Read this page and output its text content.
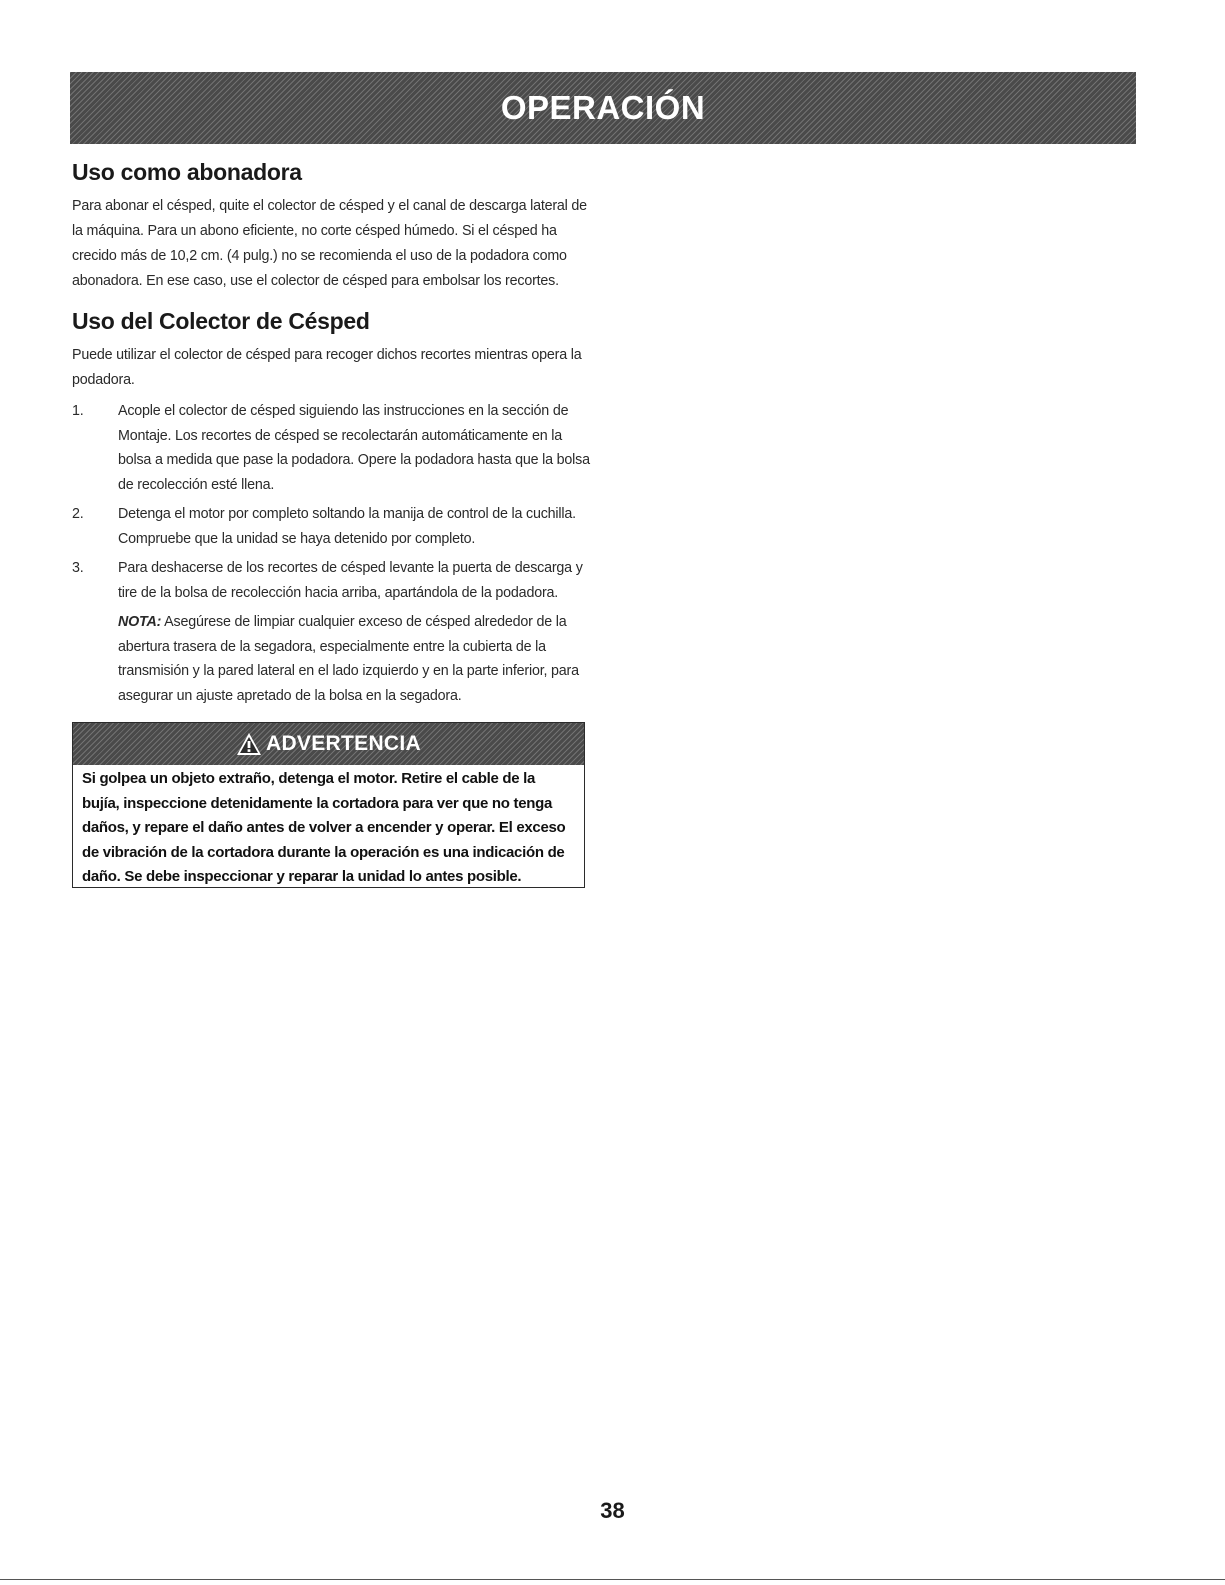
OPERACIÓN
Uso como abonadora

Para abonar el césped, quite el colector de césped y el canal de descarga lateral de la máquina. Para un abono eficiente, no corte césped húmedo. Si el césped ha crecido más de 10,2 cm. (4 pulg.) no se recomienda el uso de la podadora como abonadora. En ese caso, use el colector de césped para embolsar los recortes.

Uso del Colector de Césped

Puede utilizar el colector de césped para recoger dichos recortes mientras opera la podadora.

1.	Acople el colector de césped siguiendo las instrucciones en la sección de Montaje. Los recortes de césped se recolectarán automáticamente en la bolsa a medida que pase la podadora. Opere la podadora hasta que la bolsa de recolección esté llena.
2.	Detenga el motor por completo soltando la manija de control de la cuchilla. Compruebe que la unidad se haya detenido por completo.
3.	Para deshacerse de los recortes de césped levante la puerta de descarga y tire de la bolsa de recolección hacia arriba, apartándola de la podadora.

NOTA: Asegúrese de limpiar cualquier exceso de césped alrededor de la abertura trasera de la segadora, especialmente entre la cubierta de la transmisión y la pared lateral en el lado izquierdo y en la parte inferior, para asegurar un ajuste apretado de la bolsa en la segadora.

ADVERTENCIA
Si golpea un objeto extraño, detenga el motor. Retire el cable de la bujía, inspeccione detenidamente la cortadora para ver que no tenga daños, y repare el daño antes de volver a encender y operar. El exceso de vibración de la cortadora durante la operación es una indicación de daño. Se debe inspeccionar y reparar la unidad lo antes posible.
38
